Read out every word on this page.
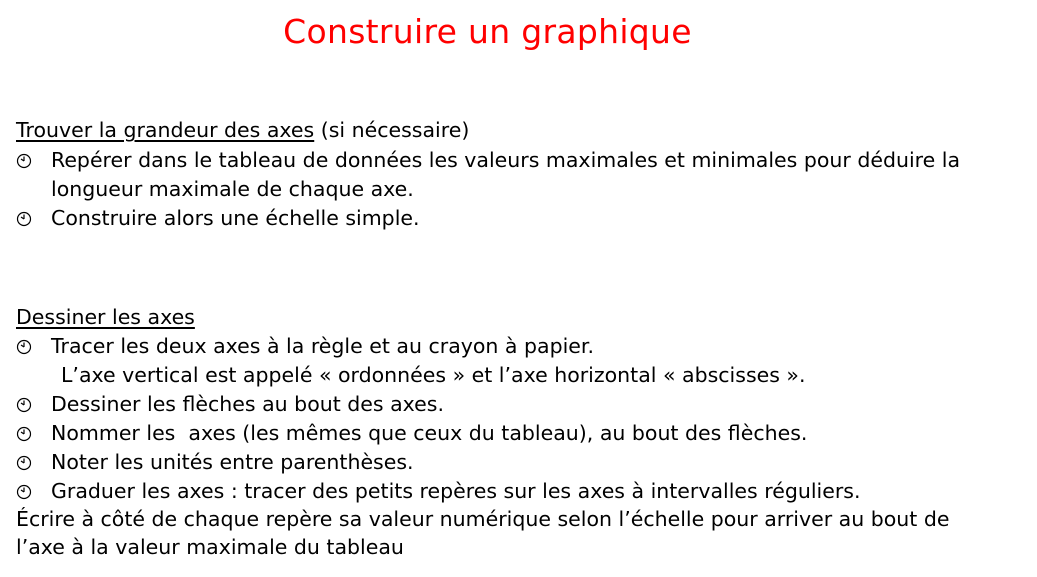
Construire un graphique
Trouver la grandeur des axes (si nécessaire)
Repérer dans le tableau de données les valeurs maximales et minimales pour déduire la longueur maximale de chaque axe.
Construire alors une échelle simple.
Dessiner les axes
Tracer les deux axes à la règle et au crayon à papier.
L’axe vertical est appelé « ordonnées » et l’axe horizontal « abscisses ».
Dessiner les flèches au bout des axes.
Nommer les  axes (les mêmes que ceux du tableau), au bout des flèches.
Noter les unités entre parenthèses.
Graduer les axes : tracer des petits repères sur les axes à intervalles réguliers.
Écrire à côté de chaque repère sa valeur numérique selon l’échelle pour arriver au bout de
l’axe à la valeur maximale du tableau
